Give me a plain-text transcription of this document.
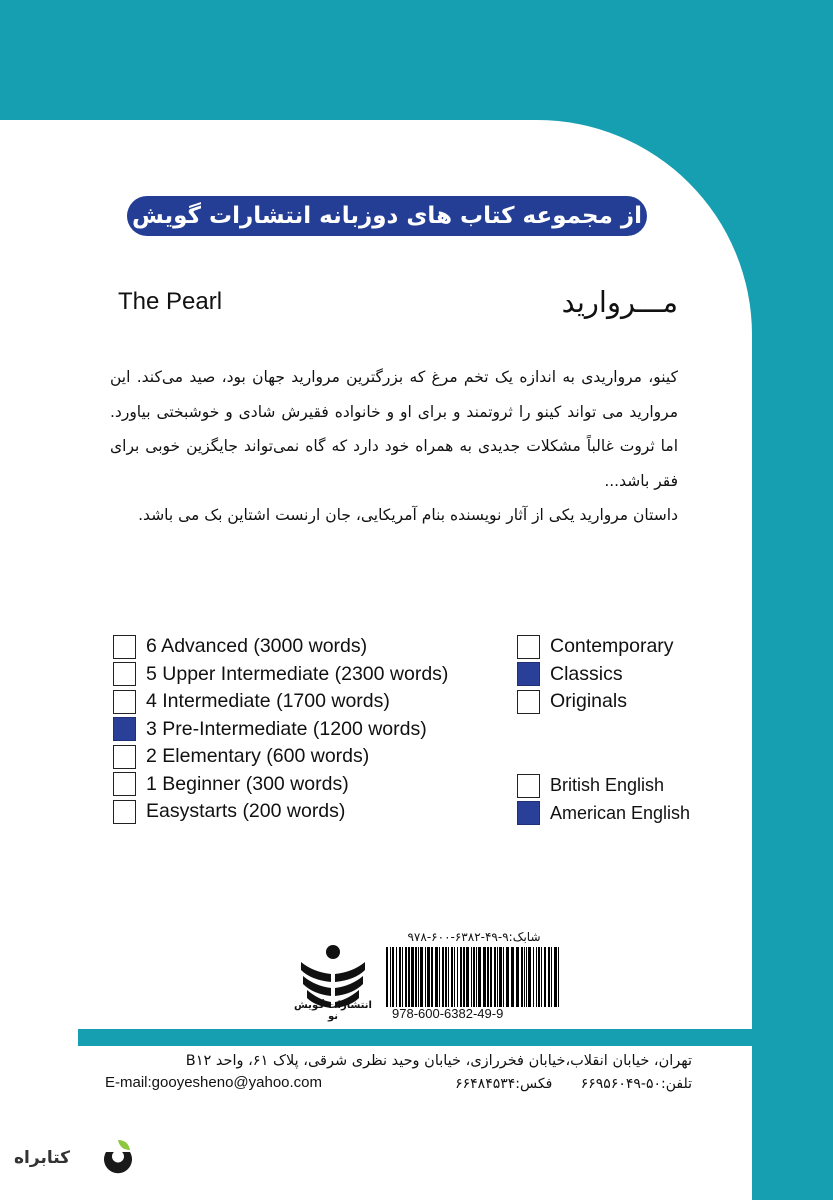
از مجموعه کتاب های دوزبانه انتشارات گویش نو
The Pearl	مـــروارید

کینو، مرواریدی به اندازه یک تخم مرغ که بزرگترین مروارید جهان بود، صید می‌کند. این مروارید می تواند کینو را ثروتمند و برای او و خانواده فقیرش شادی و خوشبختی بیاورد. اما ثروت غالباً مشکلات جدیدی به همراه خود دارد که گاه نمی‌تواند جایگزین خوبی برای فقر باشد...

داستان مروارید یکی از آثار نویسنده بنام آمریکایی، جان ارنست اشتاین بک می باشد.

6 Advanced (3000 words)
5 Upper Intermediate (2300 words)
4 Intermediate (1700 words)
3 Pre-Intermediate (1200 words)
2 Elementary (600 words)
1 Beginner (300 words)
Easystarts (200 words)
Contemporary
Classics
Originals
British English
American English
انتشارات گویش نو
شابک:۹-۴۹-۶۳۸۲-۶۰۰-۹۷۸
978-600-6382-49-9
تهران، خیابان انقلاب،خیابان فخررازی، خیابان وحید نظری شرقی، پلاک ۶۱، واحد B۱۲
E-mail:gooyesheno@yahoo.com	تلفن:۵۰-۶۶۹۵۶۰۴۹ فکس:۶۶۴۸۴۵۳۴
کتابراه
